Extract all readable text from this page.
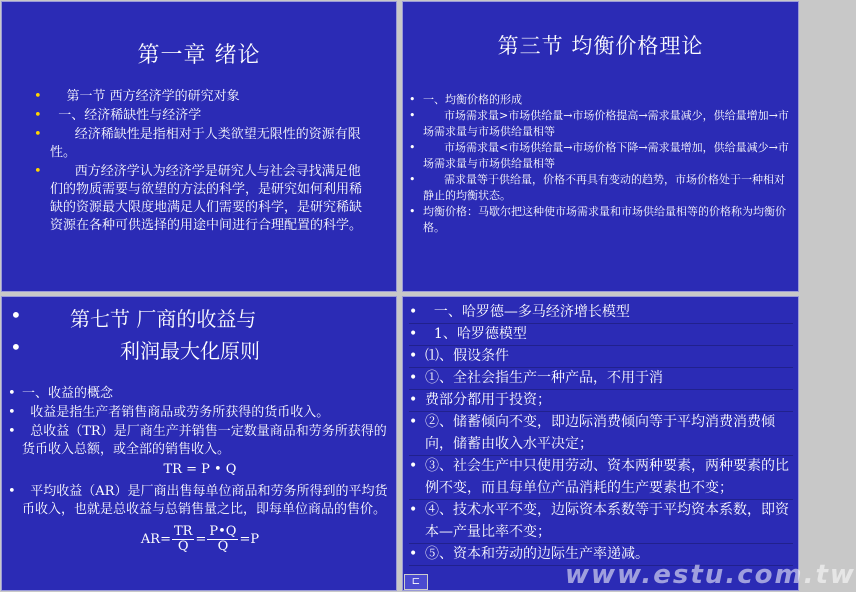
第一章 绪论
• 第一节 西方经济学的研究对象
• 一、经济稀缺性与经济学
• 经济稀缺性是指相对于人类欲望无限性的资源有限性。
• 西方经济学认为经济学是研究人与社会寻找满足他们的物质需要与欲望的方法的科学，是研究如何利用稀缺的资源最大限度地满足人们需要的科学，是研究稀缺资源在各种可供选择的用途中间进行合理配置的科学。
第三节 均衡价格理论
• 一、均衡价格的形成
• 市场需求量>市场供给量→市场价格提高→需求量减少，供给量增加→市场需求量与市场供给量相等
• 市场需求量<市场供给量→市场价格下降→需求量增加，供给量减少→市场需求量与市场供给量相等
• 需求量等于供给量，价格不再具有变动的趋势，市场价格处于一种相对静止的均衡状态。
• 均衡价格：马歇尔把这种使市场需求量和市场供给量相等的价格称为均衡价格。
• 第七节 厂商的收益与
•	利润最大化原则
• 一、收益的概念
• 收益是指生产者销售商品或劳务所获得的货币收入。
• 总收益（TR）是厂商生产并销售一定数量商品和劳务所获得的货币收入总额，或全部的销售收入。
TR = P • Q
• 平均收益（AR）是厂商出售每单位商品和劳务所得到的平均货币收入，也就是总收益与总销售量之比，即每单位商品的售价。
$AR= \frac{TR}{Q} = \frac{P•Q}{Q} =P$
• 一、哈罗德—多马经济增长模型
• 1、哈罗德模型
• ⑴、假设条件
• ①、全社会指生产一种产品，不用于消
• 费部分都用于投资；
• ②、储蓄倾向不变，即边际消费倾向等于平均消费消费倾向，储蓄由收入水平决定；
• ③、社会生产中只使用劳动、资本两种要素，两种要素的比例不变，而且每单位产品消耗的生产要素也不变；
• ④、技术水平不变，边际资本系数等于平均资本系数，即资本—产量比率不变；
• ⑤、资本和劳动的边际生产率递减。
⊏	www.estu.com.tw
